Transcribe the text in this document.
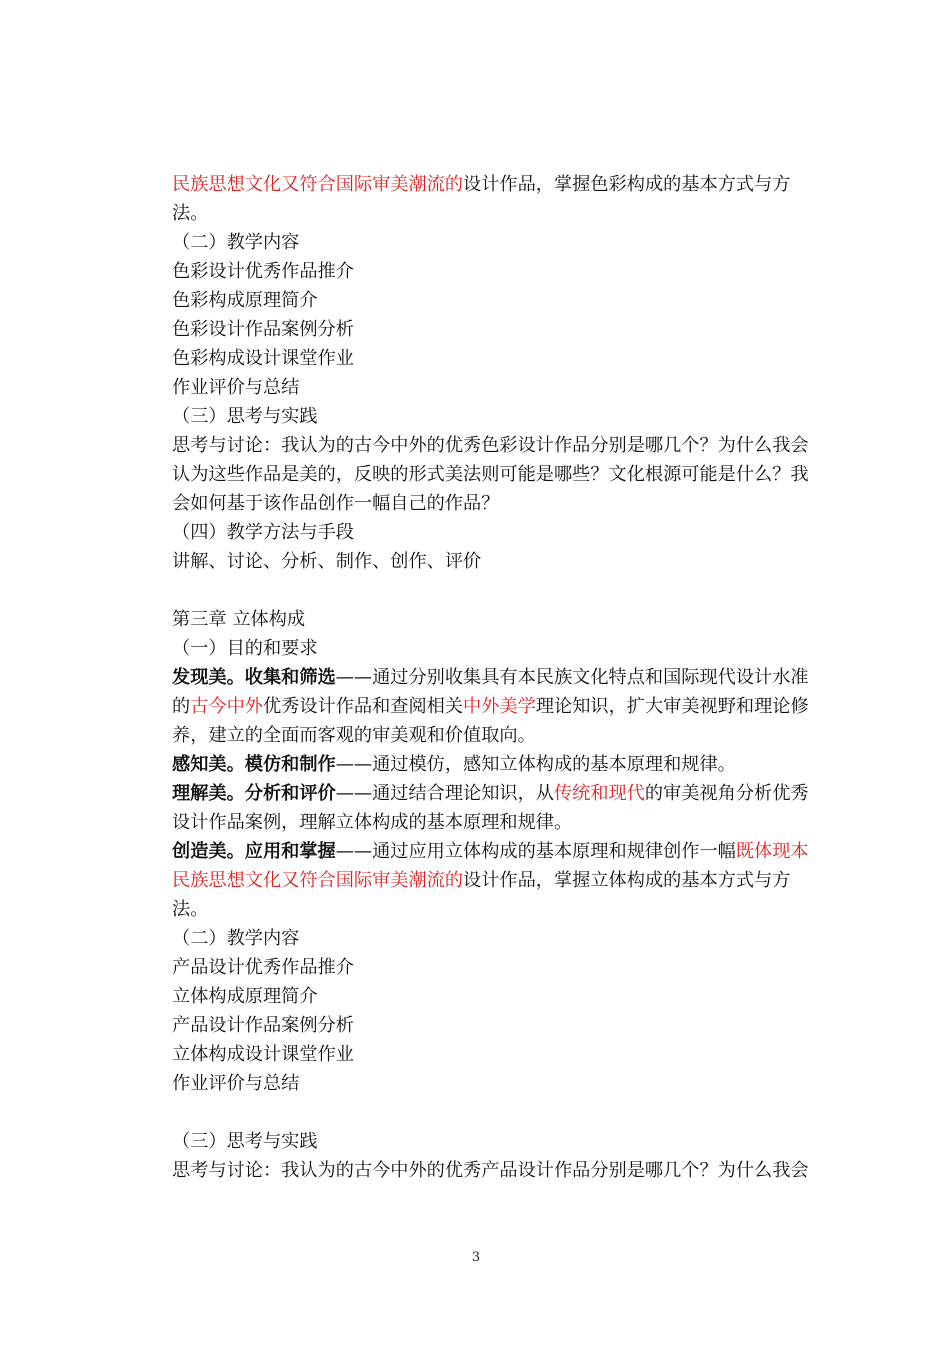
民族思想文化又符合国际审美潮流的设计作品，掌握色彩构成的基本方式与方
法。
（二）教学内容
色彩设计优秀作品推介
色彩构成原理简介
色彩设计作品案例分析
色彩构成设计课堂作业
作业评价与总结
（三）思考与实践
思考与讨论：我认为的古今中外的优秀色彩设计作品分别是哪几个？为什么我会
认为这些作品是美的，反映的形式美法则可能是哪些？文化根源可能是什么？我
会如何基于该作品创作一幅自己的作品？
（四）教学方法与手段
讲解、讨论、分析、制作、创作、评价
第三章 立体构成
（一）目的和要求
发现美。收集和筛选——通过分别收集具有本民族文化特点和国际现代设计水准
的古今中外优秀设计作品和查阅相关中外美学理论知识，扩大审美视野和理论修
养，建立的全面而客观的审美观和价值取向。
感知美。模仿和制作——通过模仿，感知立体构成的基本原理和规律。
理解美。分析和评价——通过结合理论知识，从传统和现代的审美视角分析优秀
设计作品案例，理解立体构成的基本原理和规律。
创造美。应用和掌握——通过应用立体构成的基本原理和规律创作一幅既体现本
民族思想文化又符合国际审美潮流的设计作品，掌握立体构成的基本方式与方
法。
（二）教学内容
产品设计优秀作品推介
立体构成原理简介
产品设计作品案例分析
立体构成设计课堂作业
作业评价与总结
（三）思考与实践
思考与讨论：我认为的古今中外的优秀产品设计作品分别是哪几个？为什么我会
3
